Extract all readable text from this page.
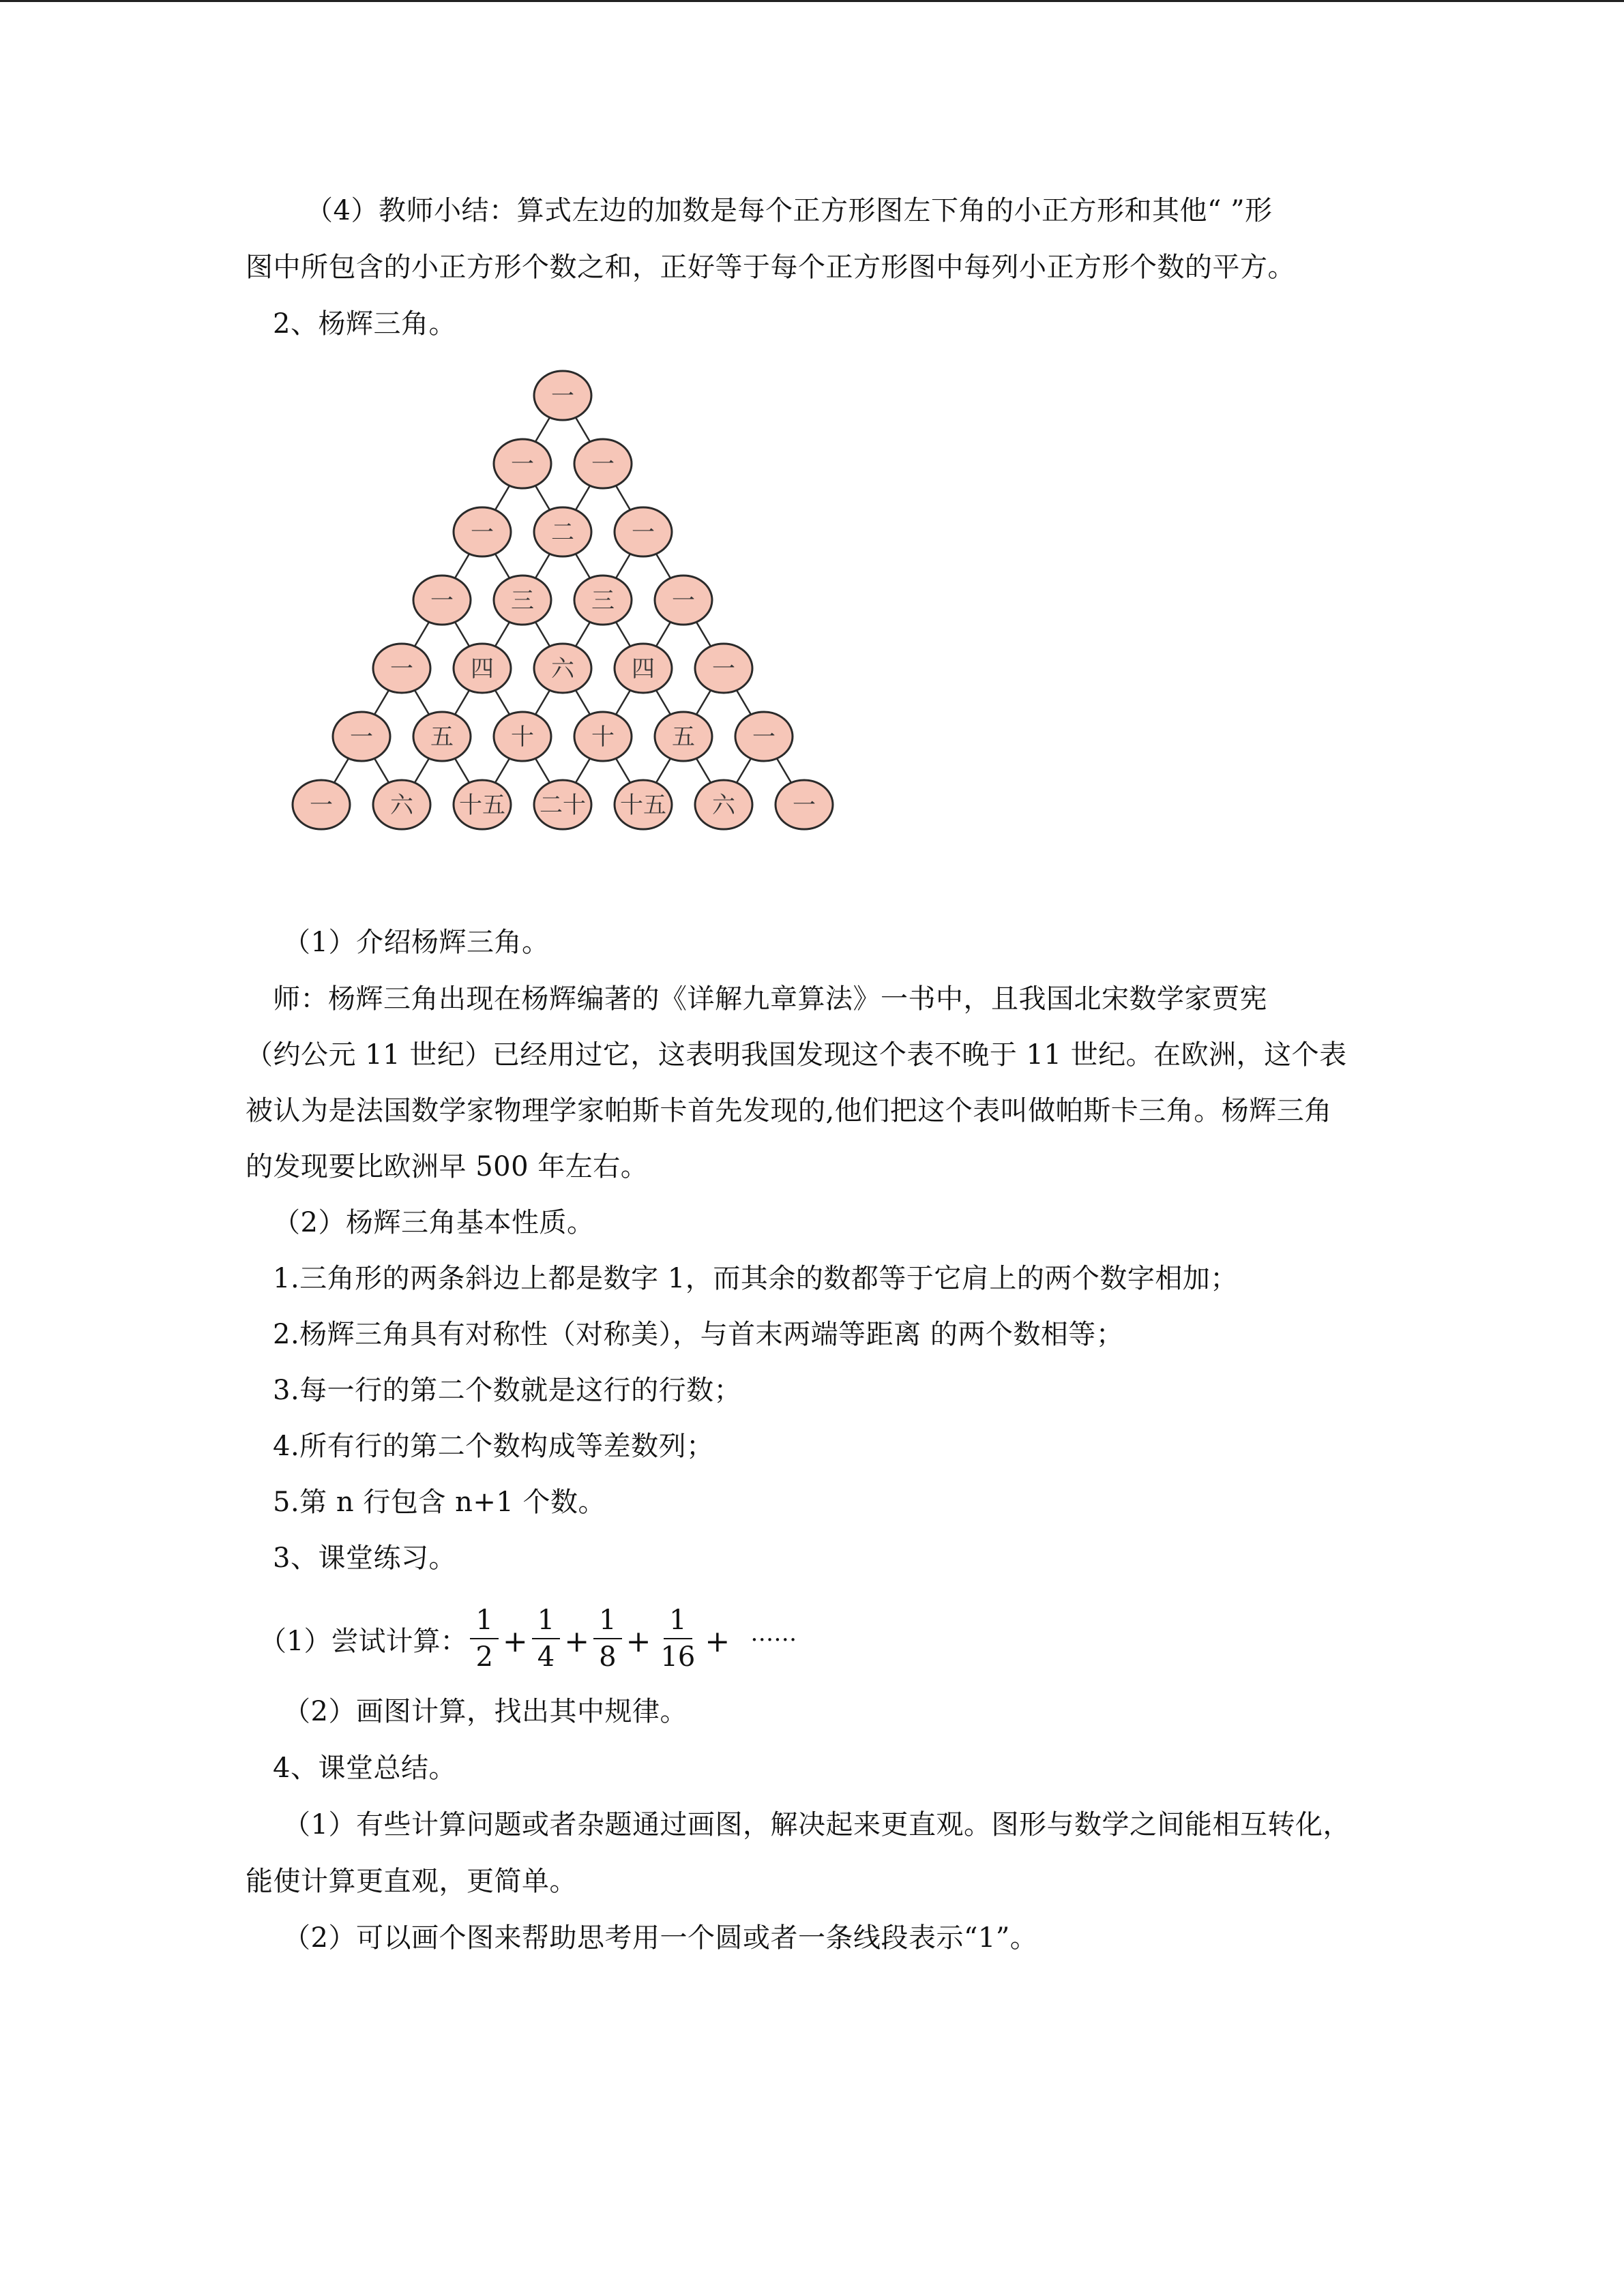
（4）教师小结：算式左边的加数是每个正方形图左下角的小正方形和其他“ ”形
图中所包含的小正方形个数之和，正好等于每个正方形图中每列小正方形个数的平方。
2、杨辉三角。
一
一 一
一 二 一
一 三 三 一
一 四 六 四 一
一 五 十 十 五 一
一 六 十五 二十 十五 六 一
（1）介绍杨辉三角。
师：杨辉三角出现在杨辉编著的《详解九章算法》一书中，且我国北宋数学家贾宪
（约公元 11 世纪）已经用过它，这表明我国发现这个表不晚于 11 世纪。在欧洲，这个表
被认为是法国数学家物理学家帕斯卡首先发现的,他们把这个表叫做帕斯卡三角。杨辉三角
的发现要比欧洲早 500 年左右。
（2）杨辉三角基本性质。
1.三角形的两条斜边上都是数字 1，而其余的数都等于它肩上的两个数字相加；
2.杨辉三角具有对称性（对称美），与首末两端等距离 的两个数相等；
3.每一行的第二个数就是这行的行数；
4.所有行的第二个数构成等差数列；
5.第 n 行包含 n+1 个数。
3、课堂练习。
（1）尝试计算： $\frac{1}{2} + \frac{1}{4} + \frac{1}{8} + \frac{1}{16}$ + ……
（2）画图计算，找出其中规律。
4、课堂总结。
（1）有些计算问题或者杂题通过画图，解决起来更直观。图形与数学之间能相互转化，
能使计算更直观，更简单。
（2）可以画个图来帮助思考用一个圆或者一条线段表示“1”。
